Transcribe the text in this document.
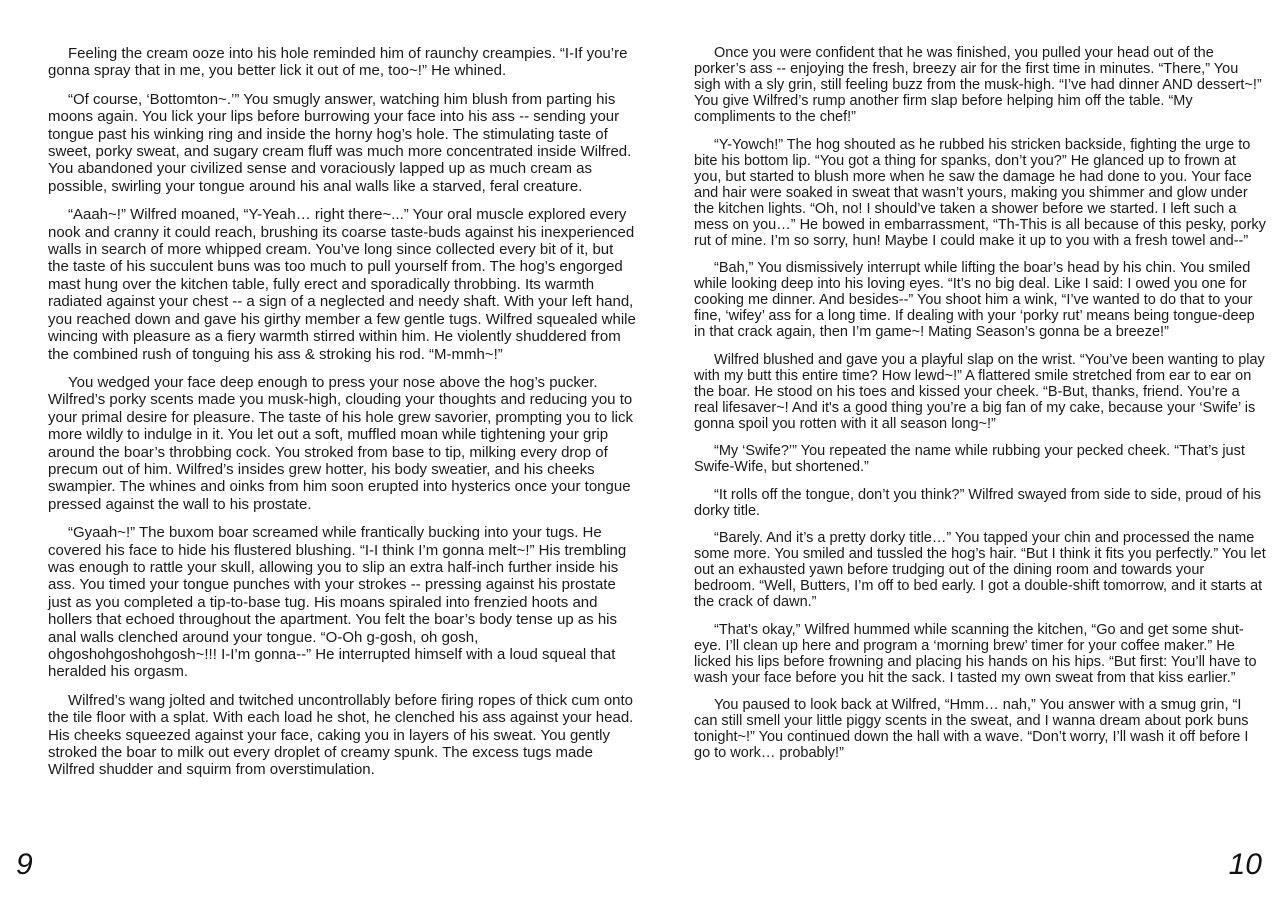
Feeling the cream ooze into his hole reminded him of raunchy creampies. “I-If you’re gonna spray that in me, you better lick it out of me, too~!” He whined.

“Of course, ‘Bottomton~.’” You smugly answer, watching him blush from parting his moons again. You lick your lips before burrowing your face into his ass -- sending your tongue past his winking ring and inside the horny hog’s hole. The stimulating taste of sweet, porky sweat, and sugary cream fluff was much more concentrated inside Wilfred. You abandoned your civilized sense and voraciously lapped up as much cream as possible, swirling your tongue around his anal walls like a starved, feral creature.

“Aaah~!” Wilfred moaned, “Y-Yeah… right there~...” Your oral muscle explored every nook and cranny it could reach, brushing its coarse taste-buds against his inexperienced walls in search of more whipped cream. You’ve long since collected every bit of it, but the taste of his succulent buns was too much to pull yourself from. The hog’s engorged mast hung over the kitchen table, fully erect and sporadically throbbing. Its warmth radiated against your chest -- a sign of a neglected and needy shaft. With your left hand, you reached down and gave his girthy member a few gentle tugs. Wilfred squealed while wincing with pleasure as a fiery warmth stirred within him. He violently shuddered from the combined rush of tonguing his ass & stroking his rod. “M-mmh~!”

You wedged your face deep enough to press your nose above the hog’s pucker. Wilfred’s porky scents made you musk-high, clouding your thoughts and reducing you to your primal desire for pleasure. The taste of his hole grew savorier, prompting you to lick more wildly to indulge in it. You let out a soft, muffled moan while tightening your grip around the boar’s throbbing cock. You stroked from base to tip, milking every drop of precum out of him. Wilfred’s insides grew hotter, his body sweatier, and his cheeks swampier. The whines and oinks from him soon erupted into hysterics once your tongue pressed against the wall to his prostate.

“Gyaah~!” The buxom boar screamed while frantically bucking into your tugs. He covered his face to hide his flustered blushing. “I-I think I’m gonna melt~!” His trembling was enough to rattle your skull, allowing you to slip an extra half-inch further inside his ass. You timed your tongue punches with your strokes -- pressing against his prostate just as you completed a tip-to-base tug. His moans spiraled into frenzied hoots and hollers that echoed throughout the apartment. You felt the boar’s body tense up as his anal walls clenched around your tongue. “O-Oh g-gosh, oh gosh, ohgoshohgoshohgosh~!!! I-I’m gonna--” He interrupted himself with a loud squeal that heralded his orgasm.

Wilfred’s wang jolted and twitched uncontrollably before firing ropes of thick cum onto the tile floor with a splat. With each load he shot, he clenched his ass against your head. His cheeks squeezed against your face, caking you in layers of his sweat. You gently stroked the boar to milk out every droplet of creamy spunk. The excess tugs made Wilfred shudder and squirm from overstimulation.

Once you were confident that he was finished, you pulled your head out of the porker’s ass -- enjoying the fresh, breezy air for the first time in minutes. “There,” You sigh with a sly grin, still feeling buzz from the musk-high. “I’ve had dinner AND dessert~!” You give Wilfred’s rump another firm slap before helping him off the table. “My compliments to the chef!”

“Y-Yowch!” The hog shouted as he rubbed his stricken backside, fighting the urge to bite his bottom lip. “You got a thing for spanks, don’t you?” He glanced up to frown at you, but started to blush more when he saw the damage he had done to you. Your face and hair were soaked in sweat that wasn’t yours, making you shimmer and glow under the kitchen lights. “Oh, no! I should’ve taken a shower before we started. I left such a mess on you…” He bowed in embarrassment, “Th-This is all because of this pesky, porky rut of mine. I’m so sorry, hun! Maybe I could make it up to you with a fresh towel and--”

“Bah,” You dismissively interrupt while lifting the boar’s head by his chin. You smiled while looking deep into his loving eyes. “It’s no big deal. Like I said: I owed you one for cooking me dinner. And besides--” You shoot him a wink, “I’ve wanted to do that to your fine, ‘wifey’ ass for a long time. If dealing with your ‘porky rut’ means being tongue-deep in that crack again, then I’m game~! Mating Season’s gonna be a breeze!”

Wilfred blushed and gave you a playful slap on the wrist. “You’ve been wanting to play with my butt this entire time? How lewd~!” A flattered smile stretched from ear to ear on the boar. He stood on his toes and kissed your cheek. “B-But, thanks, friend. You’re a real lifesaver~! And it's a good thing you’re a big fan of my cake, because your ‘Swife’ is gonna spoil you rotten with it all season long~!”

“My ‘Swife?’” You repeated the name while rubbing your pecked cheek. “That’s just Swife-Wife, but shortened.”

“It rolls off the tongue, don’t you think?” Wilfred swayed from side to side, proud of his dorky title.

“Barely. And it’s a pretty dorky title…” You tapped your chin and processed the name some more. You smiled and tussled the hog’s hair. “But I think it fits you perfectly.” You let out an exhausted yawn before trudging out of the dining room and towards your bedroom. “Well, Butters, I’m off to bed early. I got a double-shift tomorrow, and it starts at the crack of dawn.”

“That’s okay,” Wilfred hummed while scanning the kitchen, “Go and get some shut-eye. I’ll clean up here and program a ‘morning brew’ timer for your coffee maker.” He licked his lips before frowning and placing his hands on his hips. “But first: You’ll have to wash your face before you hit the sack. I tasted my own sweat from that kiss earlier.”

You paused to look back at Wilfred, “Hmm… nah,” You answer with a smug grin, “I can still smell your little piggy scents in the sweat, and I wanna dream about pork buns tonight~!” You continued down the hall with a wave. “Don’t worry, I’ll wash it off before I go to work… probably!”

9	10
